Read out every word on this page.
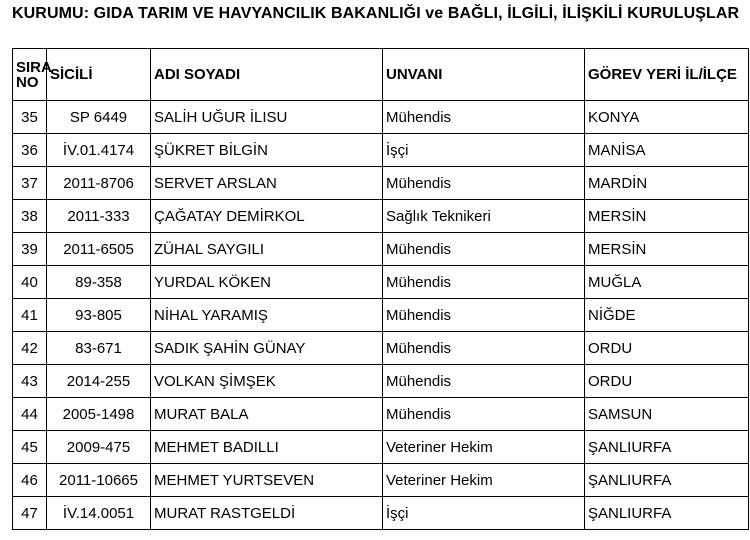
KURUMU: GIDA TARIM VE HAVYANCILIK BAKANLIĞI ve BAĞLI, İLGİLİ, İLİŞKİLİ KURULUŞLAR
SIRA
NO	SİCİLİ	ADI SOYADI	UNVANI	GÖREV YERİ İL/İLÇE
35	SP 6449	SALİH UĞUR İLISU	Mühendis	KONYA
36	İV.01.4174	ŞÜKRET BİLGİN	İşçi	MANİSA
37	2011-8706	SERVET ARSLAN	Mühendis	MARDİN
38	2011-333	ÇAĞATAY DEMİRKOL	Sağlık Teknikeri	MERSİN
39	2011-6505	ZÜHAL SAYGILI	Mühendis	MERSİN
40	89-358	YURDAL KÖKEN	Mühendis	MUĞLA
41	93-805	NİHAL YARAMIŞ	Mühendis	NİĞDE
42	83-671	SADIK ŞAHİN GÜNAY	Mühendis	ORDU
43	2014-255	VOLKAN ŞİMŞEK	Mühendis	ORDU
44	2005-1498	MURAT BALA	Mühendis	SAMSUN
45	2009-475	MEHMET BADILLI	Veteriner Hekim	ŞANLIURFA
46	2011-10665	MEHMET YURTSEVEN	Veteriner Hekim	ŞANLIURFA
47	İV.14.0051	MURAT RASTGELDİ	İşçi	ŞANLIURFA
